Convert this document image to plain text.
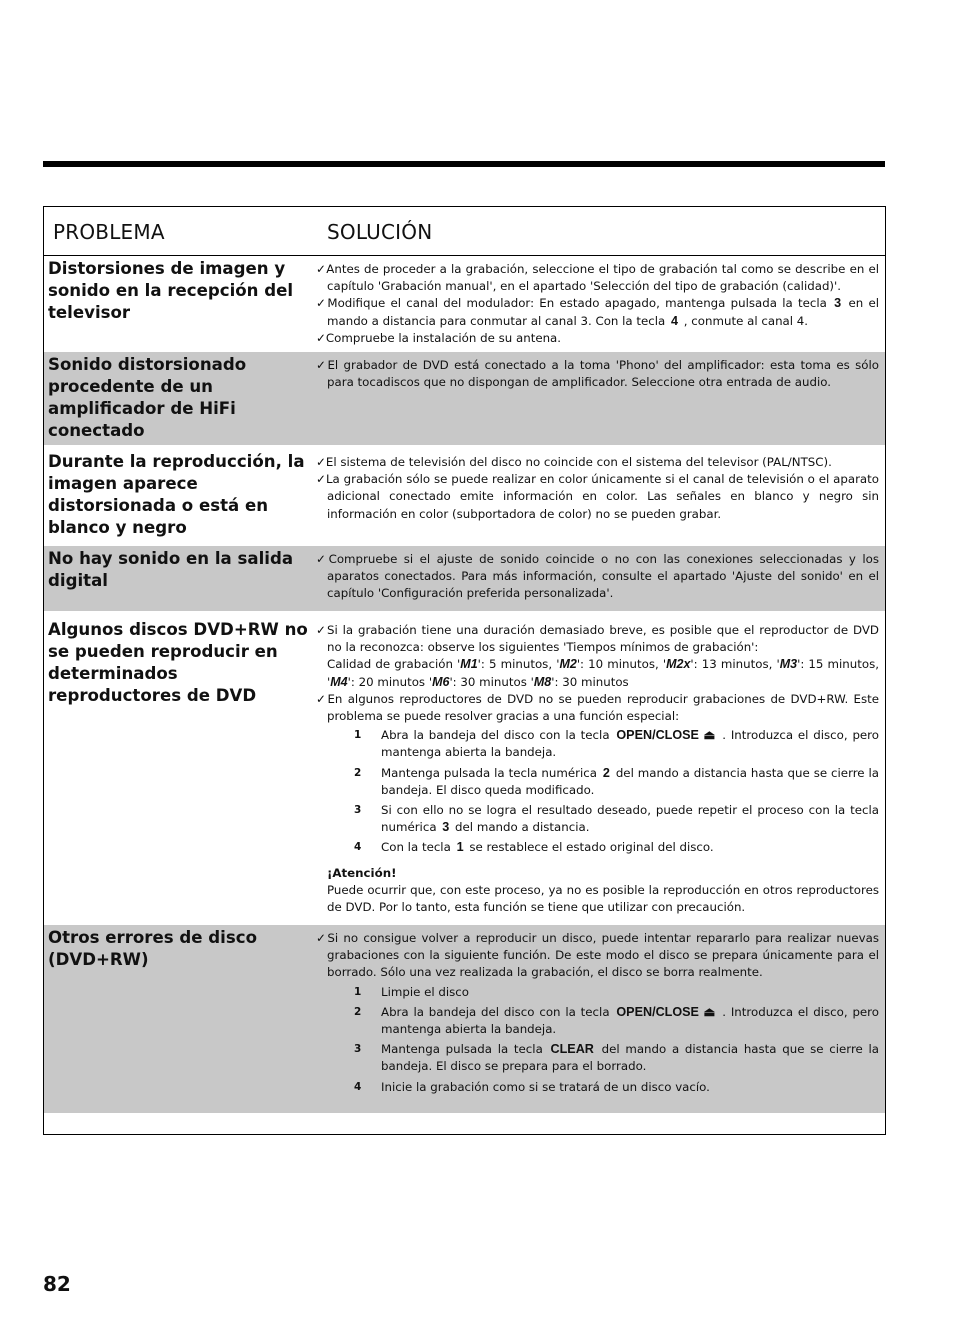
PROBLEMA	SOLUCIÓN
Distorsiones de imagen y sonido en la recepción del televisor

✓Antes de proceder a la grabación, seleccione el tipo de grabación tal como se describe en el capítulo 'Grabación manual', en el apartado 'Selección del tipo de grabación (calidad)'.

✓Modifique el canal del modulador: En estado apagado, mantenga pulsada la tecla 3 en el mando a distancia para conmutar al canal 3. Con la tecla 4 , conmute al canal 4.

✓Compruebe la instalación de su antena.

Sonido distorsionado procedente de un amplificador de HiFi conectado

✓El grabador de DVD está conectado a la toma 'Phono' del amplificador: esta toma es sólo para tocadiscos que no dispongan de amplificador. Seleccione otra entrada de audio.

Durante la reproducción, la imagen aparece distorsionada o está en blanco y negro

✓El sistema de televisión del disco no coincide con el sistema del televisor (PAL/NTSC).

✓La grabación sólo se puede realizar en color únicamente si el canal de televisión o el aparato adicional conectado emite información en color. Las señales en blanco y negro sin información en color (subportadora de color) no se pueden grabar.

No hay sonido en la salida digital

✓Compruebe si el ajuste de sonido coincide o no con las conexiones seleccionadas y los aparatos conectados. Para más información, consulte el apartado 'Ajuste del sonido' en el capítulo 'Configuración preferida personalizada'.

Algunos discos DVD+RW no se pueden reproducir en determinados reproductores de DVD

✓Si la grabación tiene una duración demasiado breve, es posible que el reproductor de DVD no la reconozca: observe los siguientes 'Tiempos mínimos de grabación':

Calidad de grabación 'M1': 5 minutos, 'M2': 10 minutos, 'M2x': 13 minutos, 'M3': 15 minutos, 'M4': 20 minutos 'M6': 30 minutos 'M8': 30 minutos

✓En algunos reproductores de DVD no se pueden reproducir grabaciones de DVD+RW. Este problema se puede resolver gracias a una función especial:

1 Abra la bandeja del disco con la tecla OPEN/CLOSE ⏏ . Introduzca el disco, pero mantenga abierta la bandeja.
2 Mantenga pulsada la tecla numérica 2 del mando a distancia hasta que se cierre la bandeja. El disco queda modificado.
3 Si con ello no se logra el resultado deseado, puede repetir el proceso con la tecla numérica 3 del mando a distancia.
4 Con la tecla 1 se restablece el estado original del disco.
¡Atención!

Puede ocurrir que, con este proceso, ya no es posible la reproducción en otros reproductores de DVD. Por lo tanto, esta función se tiene que utilizar con precaución.

Otros errores de disco (DVD+RW)

✓Si no consigue volver a reproducir un disco, puede intentar repararlo para realizar nuevas grabaciones con la siguiente función. De este modo el disco se prepara únicamente para el borrado. Sólo una vez realizada la grabación, el disco se borra realmente.

1 Limpie el disco
2 Abra la bandeja del disco con la tecla OPEN/CLOSE ⏏ . Introduzca el disco, pero mantenga abierta la bandeja.
3 Mantenga pulsada la tecla CLEAR del mando a distancia hasta que se cierre la bandeja. El disco se prepara para el borrado.
4 Inicie la grabación como si se tratará de un disco vacío.
82
